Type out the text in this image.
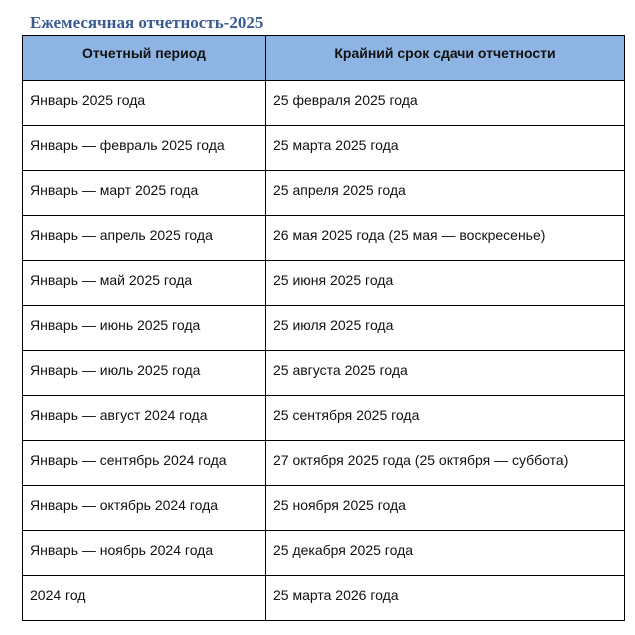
Ежемесячная отчетность-2025
Отчетный период	Крайний срок сдачи отчетности
Январь 2025 года	25 февраля 2025 года
Январь — февраль 2025 года	25 марта 2025 года
Январь — март 2025 года	25 апреля 2025 года
Январь — апрель 2025 года	26 мая 2025 года (25 мая — воскресенье)
Январь — май 2025 года	25 июня 2025 года
Январь — июнь 2025 года	25 июля 2025 года
Январь — июль 2025 года	25 августа 2025 года
Январь — август 2024 года	25 сентября 2025 года
Январь — сентябрь 2024 года	27 октября 2025 года (25 октября — суббота)
Январь — октябрь 2024 года	25 ноября 2025 года
Январь — ноябрь 2024 года	25 декабря 2025 года
2024 год	25 марта 2026 года
